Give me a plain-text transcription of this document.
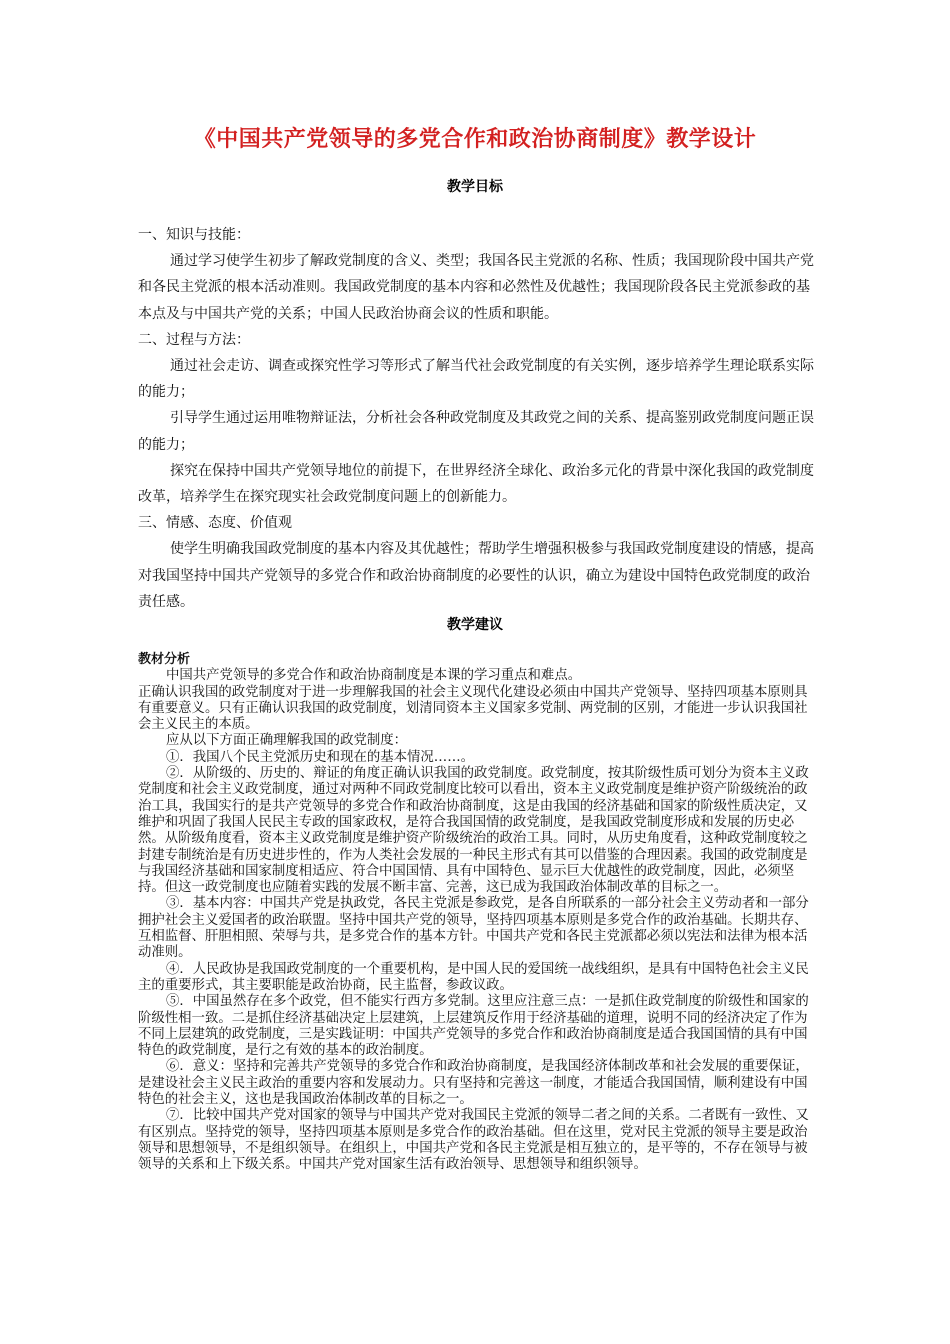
《中国共产党领导的多党合作和政治协商制度》教学设计
教学目标

一、知识与技能：

通过学习使学生初步了解政党制度的含义、类型；我国各民主党派的名称、性质；我国现阶段中国共产党和各民主党派的根本活动准则。我国政党制度的基本内容和必然性及优越性；我国现阶段各民主党派参政的基本点及与中国共产党的关系；中国人民政治协商会议的性质和职能。

二、过程与方法：

通过社会走访、调查或探究性学习等形式了解当代社会政党制度的有关实例，逐步培养学生理论联系实际的能力；

引导学生通过运用唯物辩证法，分析社会各种政党制度及其政党之间的关系、提高鉴别政党制度问题正误的能力；

探究在保持中国共产党领导地位的前提下，在世界经济全球化、政治多元化的背景中深化我国的政党制度改革，培养学生在探究现实社会政党制度问题上的创新能力。

三、情感、态度、价值观

使学生明确我国政党制度的基本内容及其优越性；帮助学生增强积极参与我国政党制度建设的情感，提高对我国坚持中国共产党领导的多党合作和政治协商制度的必要性的认识，确立为建设中国特色政党制度的政治责任感。

教学建议

教材分析

中国共产党领导的多党合作和政治协商制度是本课的学习重点和难点。

正确认识我国的政党制度对于进一步理解我国的社会主义现代化建设必须由中国共产党领导、坚持四项基本原则具有重要意义。只有正确认识我国的政党制度，划清同资本主义国家多党制、两党制的区别，才能进一步认识我国社会主义民主的本质。

应从以下方面正确理解我国的政党制度：

①．我国八个民主党派历史和现在的基本情况……。

②．从阶级的、历史的、辩证的角度正确认识我国的政党制度。政党制度，按其阶级性质可划分为资本主义政党制度和社会主义政党制度，通过对两种不同政党制度比较可以看出，资本主义政党制度是维护资产阶级统治的政治工具，我国实行的是共产党领导的多党合作和政治协商制度，这是由我国的经济基础和国家的阶级性质决定，又维护和巩固了我国人民民主专政的国家政权，是符合我国国情的政党制度，是我国政党制度形成和发展的历史必然。从阶级角度看，资本主义政党制度是维护资产阶级统治的政治工具。同时，从历史角度看，这种政党制度较之封建专制统治是有历史进步性的，作为人类社会发展的一种民主形式有其可以借鉴的合理因素。我国的政党制度是与我国经济基础和国家制度相适应、符合中国国情、具有中国特色、显示巨大优越性的政党制度，因此，必须坚持。但这一政党制度也应随着实践的发展不断丰富、完善，这已成为我国政治体制改革的目标之一。

③．基本内容：中国共产党是执政党，各民主党派是参政党，是各自所联系的一部分社会主义劳动者和一部分拥护社会主义爱国者的政治联盟。坚持中国共产党的领导，坚持四项基本原则是多党合作的政治基础。长期共存、互相监督、肝胆相照、荣辱与共，是多党合作的基本方针。中国共产党和各民主党派都必须以宪法和法律为根本活动准则。

④．人民政协是我国政党制度的一个重要机构，是中国人民的爱国统一战线组织，是具有中国特色社会主义民主的重要形式，其主要职能是政治协商，民主监督，参政议政。

⑤．中国虽然存在多个政党，但不能实行西方多党制。这里应注意三点：一是抓住政党制度的阶级性和国家的阶级性相一致。二是抓住经济基础决定上层建筑，上层建筑反作用于经济基础的道理，说明不同的经济决定了作为不同上层建筑的政党制度，三是实践证明：中国共产党领导的多党合作和政治协商制度是适合我国国情的具有中国特色的政党制度，是行之有效的基本的政治制度。

⑥．意义：坚持和完善共产党领导的多党合作和政治协商制度，是我国经济体制改革和社会发展的重要保证，是建设社会主义民主政治的重要内容和发展动力。只有坚持和完善这一制度，才能适合我国国情，顺利建设有中国特色的社会主义，这也是我国政治体制改革的目标之一。

⑦．比较中国共产党对国家的领导与中国共产党对我国民主党派的领导二者之间的关系。二者既有一致性、又有区别点。坚持党的领导，坚持四项基本原则是多党合作的政治基础。但在这里，党对民主党派的领导主要是政治领导和思想领导，不是组织领导。在组织上，中国共产党和各民主党派是相互独立的，是平等的，不存在领导与被领导的关系和上下级关系。中国共产党对国家生活有政治领导、思想领导和组织领导。
